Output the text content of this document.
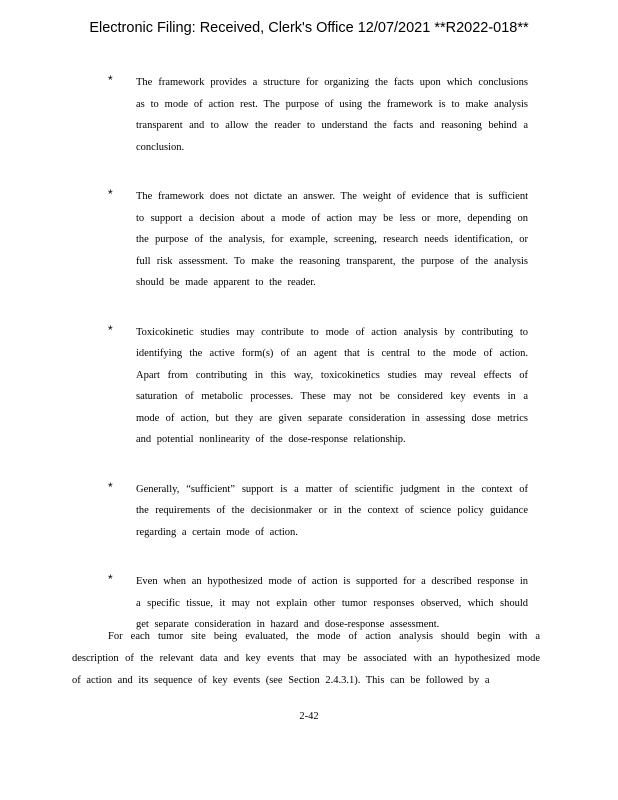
Electronic Filing: Received, Clerk's Office 12/07/2021 **R2022-018**
* The framework provides a structure for organizing the facts upon which conclusions as to mode of action rest. The purpose of using the framework is to make analysis transparent and to allow the reader to understand the facts and reasoning behind a conclusion.
* The framework does not dictate an answer. The weight of evidence that is sufficient to support a decision about a mode of action may be less or more, depending on the purpose of the analysis, for example, screening, research needs identification, or full risk assessment. To make the reasoning transparent, the purpose of the analysis should be made apparent to the reader.
* Toxicokinetic studies may contribute to mode of action analysis by contributing to identifying the active form(s) of an agent that is central to the mode of action. Apart from contributing in this way, toxicokinetics studies may reveal effects of saturation of metabolic processes. These may not be considered key events in a mode of action, but they are given separate consideration in assessing dose metrics and potential nonlinearity of the dose-response relationship.
* Generally, “sufficient” support is a matter of scientific judgment in the context of the requirements of the decisionmaker or in the context of science policy guidance regarding a certain mode of action.
* Even when an hypothesized mode of action is supported for a described response in a specific tissue, it may not explain other tumor responses observed, which should get separate consideration in hazard and dose-response assessment.
For each tumor site being evaluated, the mode of action analysis should begin with a description of the relevant data and key events that may be associated with an hypothesized mode of action and its sequence of key events (see Section 2.4.3.1). This can be followed by a
2-42
